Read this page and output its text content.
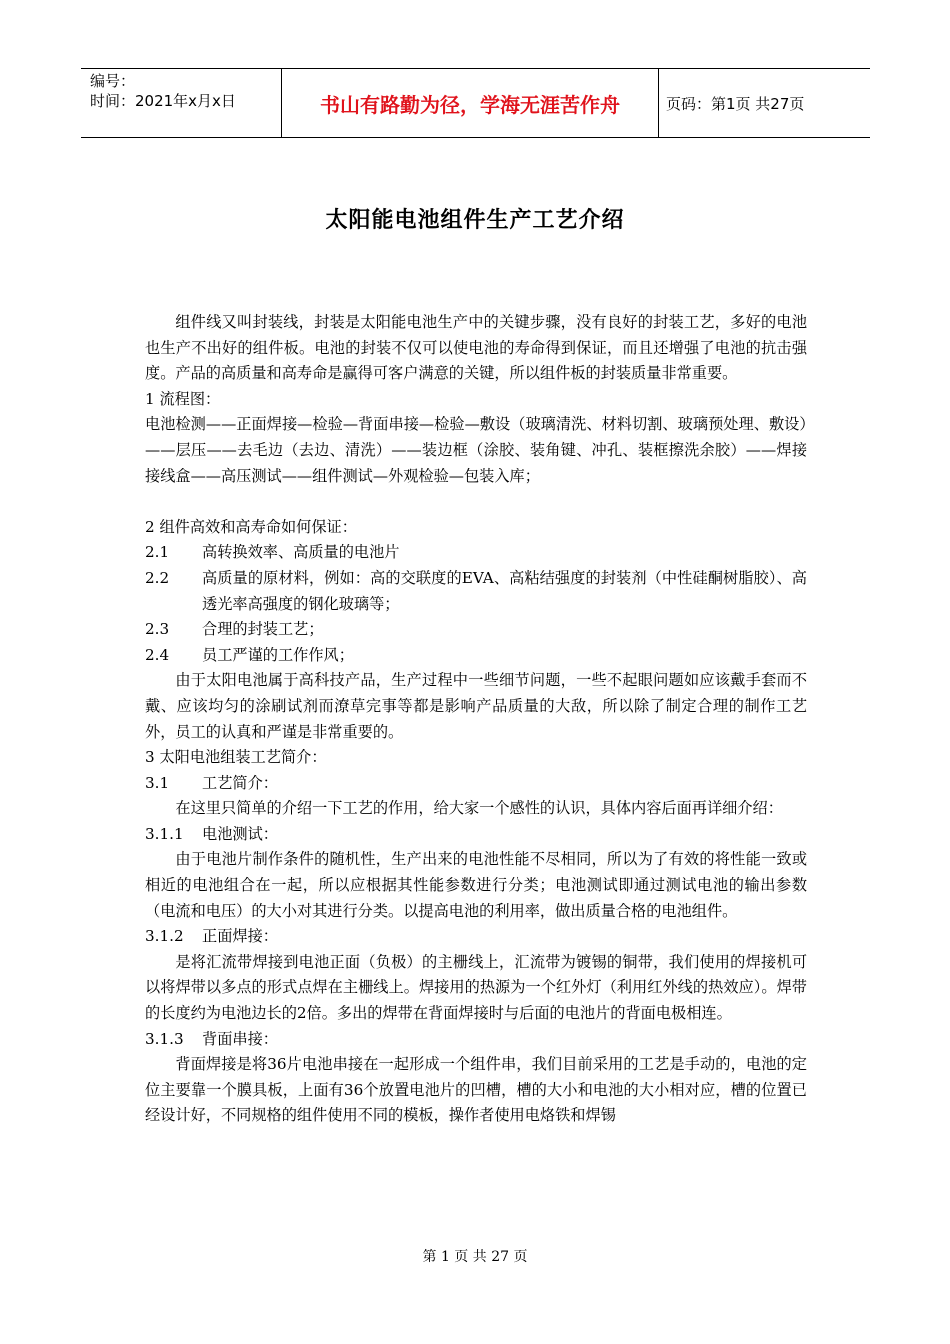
编号：
时间：2021年x月x日	书山有路勤为径，学海无涯苦作舟	页码：第1页 共27页
太阳能电池组件生产工艺介绍

组件线又叫封装线，封装是太阳能电池生产中的关键步骤，没有良好的封装工艺，多好的电池也生产不出好的组件板。电池的封装不仅可以使电池的寿命得到保证，而且还增强了电池的抗击强度。产品的高质量和高寿命是赢得可客户满意的关键，所以组件板的封装质量非常重要。

1 流程图：

电池检测——正面焊接—检验—背面串接—检验—敷设（玻璃清洗、材料切割、玻璃预处理、敷设）——层压——去毛边（去边、清洗）——装边框（涂胶、装角键、冲孔、装框擦洗余胶）——焊接接线盒——高压测试——组件测试—外观检验—包装入库；

2 组件高效和高寿命如何保证：

2.1	高转换效率、高质量的电池片
2.2	高质量的原材料，例如：高的交联度的EVA、高粘结强度的封装剂（中性硅酮树脂胶）、高透光率高强度的钢化玻璃等；
2.3	合理的封装工艺；
2.4	员工严谨的工作作风；

由于太阳电池属于高科技产品，生产过程中一些细节问题，一些不起眼问题如应该戴手套而不戴、应该均匀的涂刷试剂而潦草完事等都是影响产品质量的大敌，所以除了制定合理的制作工艺外，员工的认真和严谨是非常重要的。

3 太阳电池组装工艺简介：

3.1	工艺简介：

在这里只简单的介绍一下工艺的作用，给大家一个感性的认识，具体内容后面再详细介绍：

3.1.1	电池测试：

由于电池片制作条件的随机性，生产出来的电池性能不尽相同，所以为了有效的将性能一致或相近的电池组合在一起，所以应根据其性能参数进行分类；电池测试即通过测试电池的输出参数（电流和电压）的大小对其进行分类。以提高电池的利用率，做出质量合格的电池组件。

3.1.2	正面焊接：

是将汇流带焊接到电池正面（负极）的主栅线上，汇流带为镀锡的铜带，我们使用的焊接机可以将焊带以多点的形式点焊在主栅线上。焊接用的热源为一个红外灯（利用红外线的热效应）。焊带的长度约为电池边长的2倍。多出的焊带在背面焊接时与后面的电池片的背面电极相连。

3.1.3	背面串接：

背面焊接是将36片电池串接在一起形成一个组件串，我们目前采用的工艺是手动的，电池的定位主要靠一个膜具板，上面有36个放置电池片的凹槽，槽的大小和电池的大小相对应，槽的位置已经设计好，不同规格的组件使用不同的模板，操作者使用电烙铁和焊锡

第 1 页 共 27 页
